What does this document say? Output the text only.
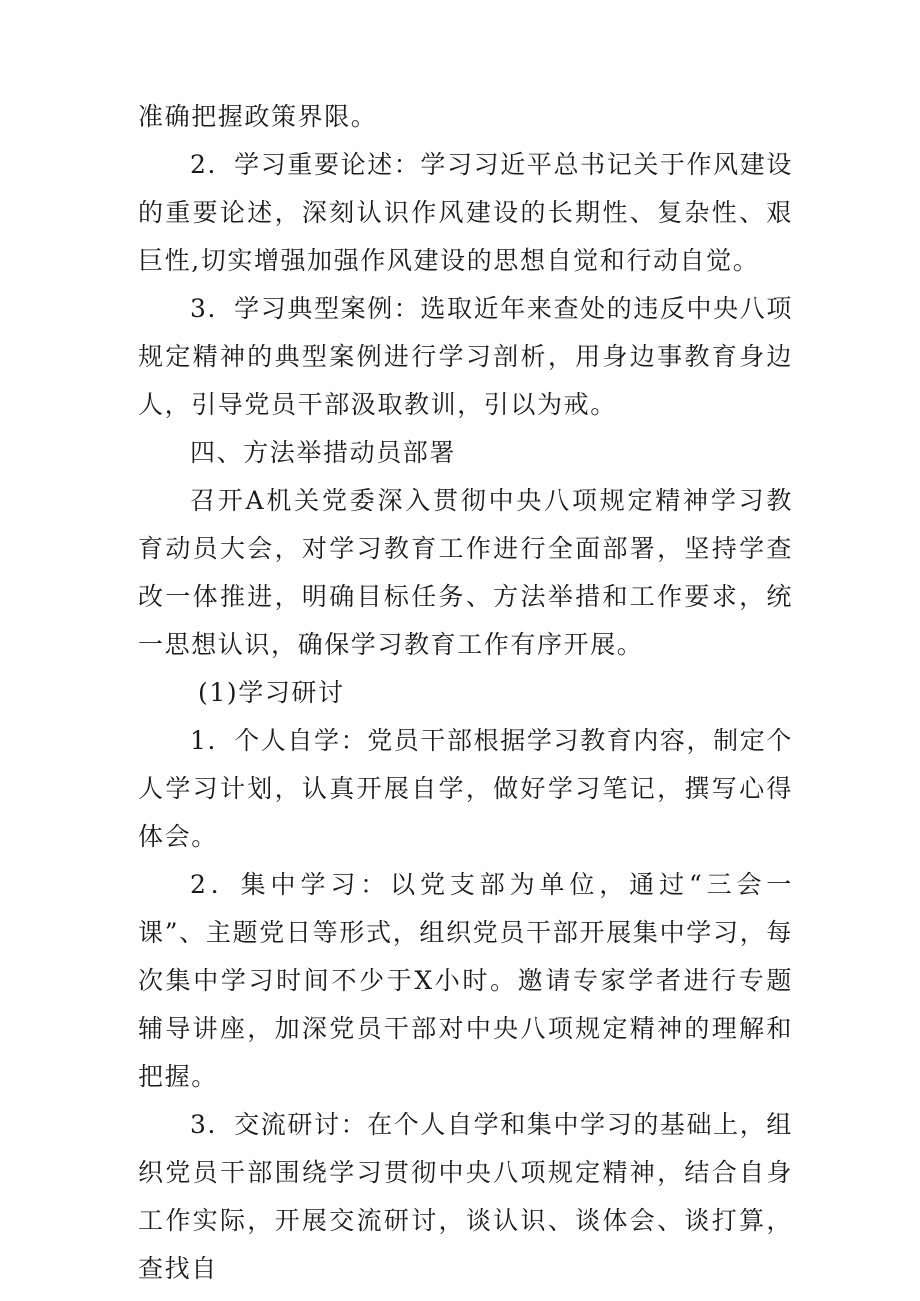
准确把握政策界限。

2．学习重要论述：学习习近平总书记关于作风建设的重要论述，深刻认识作风建设的长期性、复杂性、艰巨性,切实增强加强作风建设的思想自觉和行动自觉。

3．学习典型案例：选取近年来查处的违反中央八项规定精神的典型案例进行学习剖析，用身边事教育身边人，引导党员干部汲取教训，引以为戒。

四、方法举措动员部署

召开A机关党委深入贯彻中央八项规定精神学习教育动员大会，对学习教育工作进行全面部署，坚持学查改一体推进，明确目标任务、方法举措和工作要求，统一思想认识，确保学习教育工作有序开展。

(1)学习研讨

1．个人自学：党员干部根据学习教育内容，制定个人学习计划，认真开展自学，做好学习笔记，撰写心得体会。

2．集中学习：以党支部为单位，通过“三会一课”、主题党日等形式，组织党员干部开展集中学习，每次集中学习时间不少于X小时。邀请专家学者进行专题辅导讲座，加深党员干部对中央八项规定精神的理解和把握。

3．交流研讨：在个人自学和集中学习的基础上，组织党员干部围绕学习贯彻中央八项规定精神，结合自身工作实际，开展交流研讨，谈认识、谈体会、谈打算，查找自
